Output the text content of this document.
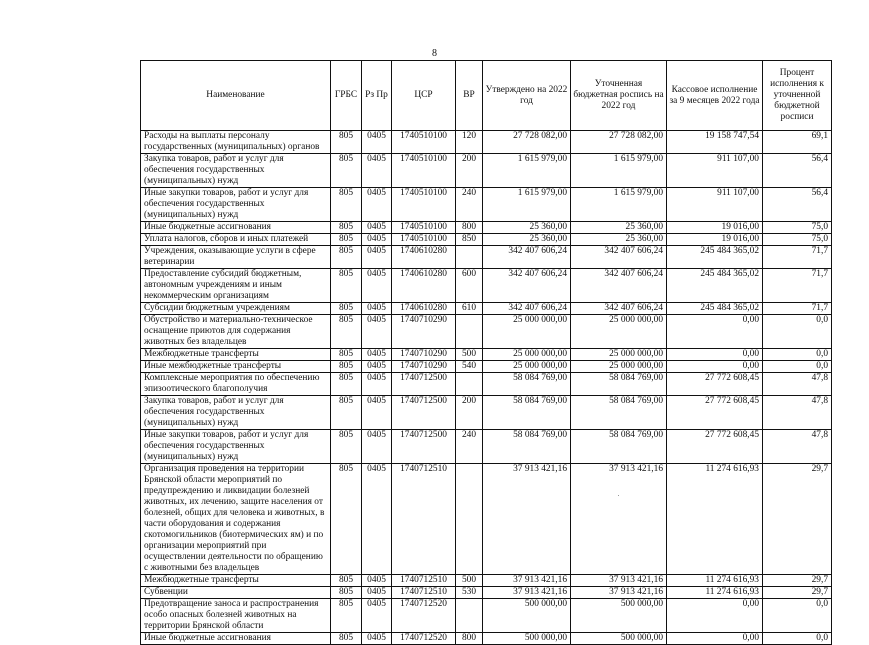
8
Наименование	ГРБС	Рз Пр	ЦСР	ВР	Утверждено на 2022 год	Уточненная бюджетная роспись на 2022 год	Кассовое исполнение за 9 месяцев 2022 года	Процент исполнения к уточненной бюджетной росписи
Расходы на выплаты персоналу государственных (муниципальных) органов	805	0405	1740510100	120	27 728 082,00	27 728 082,00	19 158 747,54	69,1
Закупка товаров, работ и услуг для обеспечения государственных (муниципальных) нужд	805	0405	1740510100	200	1 615 979,00	1 615 979,00	911 107,00	56,4
Иные закупки товаров, работ и услуг для обеспечения государственных (муниципальных) нужд	805	0405	1740510100	240	1 615 979,00	1 615 979,00	911 107,00	56,4
Иные бюджетные ассигнования	805	0405	1740510100	800	25 360,00	25 360,00	19 016,00	75,0
Уплата налогов, сборов и иных платежей	805	0405	1740510100	850	25 360,00	25 360,00	19 016,00	75,0
Учреждения, оказывающие услуги в сфере ветеринарии	805	0405	1740610280		342 407 606,24	342 407 606,24	245 484 365,02	71,7
Предоставление субсидий бюджетным, автономным учреждениям и иным некоммерческим организациям	805	0405	1740610280	600	342 407 606,24	342 407 606,24	245 484 365,02	71,7
Субсидии бюджетным учреждениям	805	0405	1740610280	610	342 407 606,24	342 407 606,24	245 484 365,02	71,7
Обустройство и материально-техническое оснащение приютов для содержания животных без владельцев	805	0405	1740710290		25 000 000,00	25 000 000,00	0,00	0,0
Межбюджетные трансферты	805	0405	1740710290	500	25 000 000,00	25 000 000,00	0,00	0,0
Иные межбюджетные трансферты	805	0405	1740710290	540	25 000 000,00	25 000 000,00	0,00	0,0
Комплексные мероприятия по обеспечению эпизоотического благополучия	805	0405	1740712500		58 084 769,00	58 084 769,00	27 772 608,45	47,8
Закупка товаров, работ и услуг для обеспечения государственных (муниципальных) нужд	805	0405	1740712500	200	58 084 769,00	58 084 769,00	27 772 608,45	47,8
Иные закупки товаров, работ и услуг для обеспечения государственных (муниципальных) нужд	805	0405	1740712500	240	58 084 769,00	58 084 769,00	27 772 608,45	47,8
Организация проведения на территории Брянской области мероприятий по предупреждению и ликвидации болезней животных, их лечению, защите населения от болезней, общих для человека и животных, в части оборудования и содержания скотомогильников (биотермических ям) и по организации мероприятий при осуществлении деятельности по обращению с животными без владельцев	805	0405	1740712510		37 913 421,16	37 913 421,16	11 274 616,93	29,7
Межбюджетные трансферты	805	0405	1740712510	500	37 913 421,16	37 913 421,16	11 274 616,93	29,7
Субвенции	805	0405	1740712510	530	37 913 421,16	37 913 421,16	11 274 616,93	29,7
Предотвращение заноса и распространения особо опасных болезней животных на территории Брянской области	805	0405	1740712520		500 000,00	500 000,00	0,00	0,0
Иные бюджетные ассигнования	805	0405	1740712520	800	500 000,00	500 000,00	0,00	0,0
